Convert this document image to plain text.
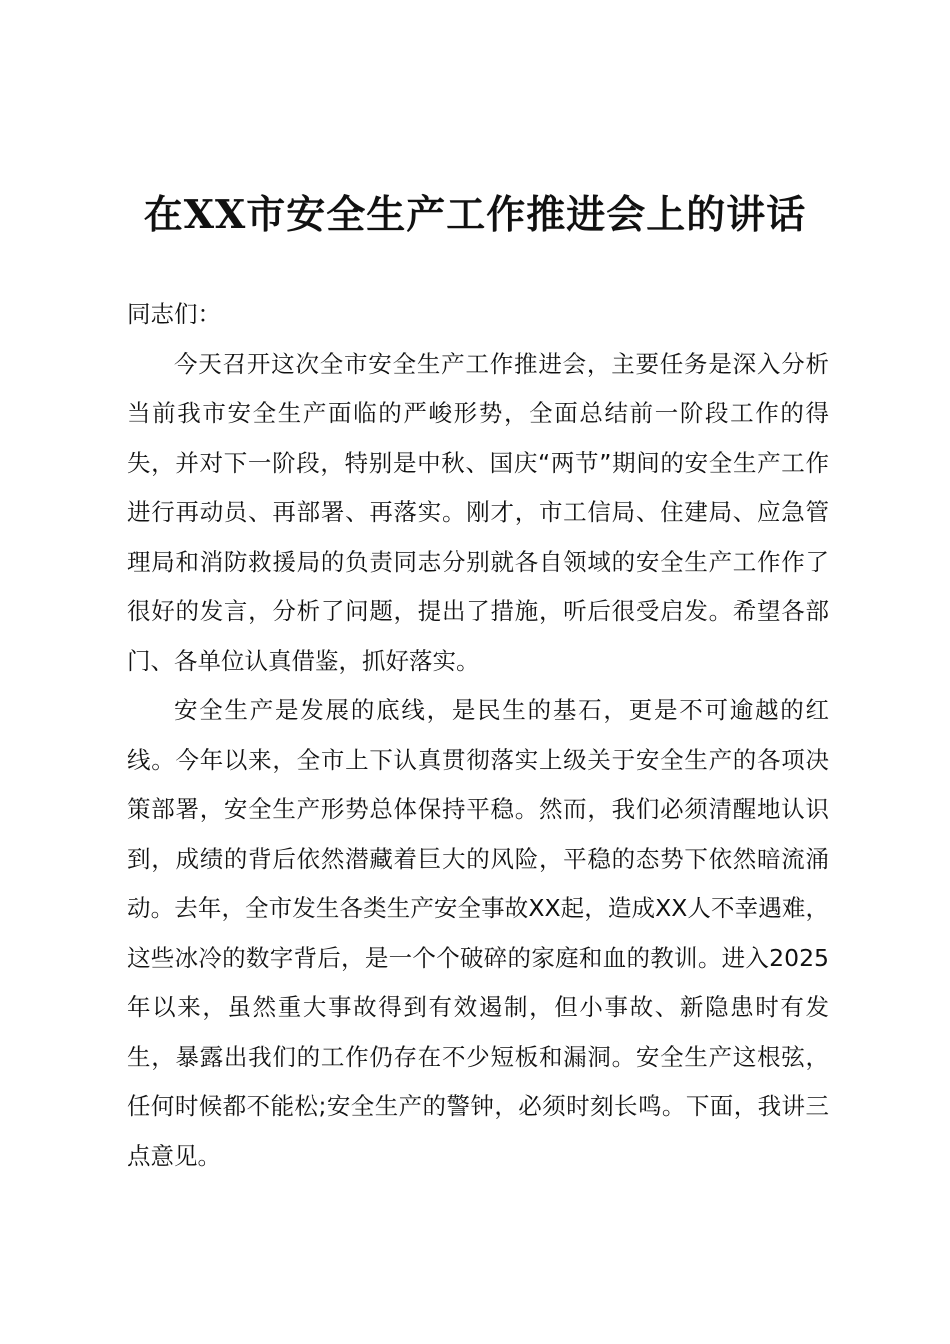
在XX市安全生产工作推进会上的讲话

同志们：

今天召开这次全市安全生产工作推进会，主要任务是深入分析当前我市安全生产面临的严峻形势，全面总结前一阶段工作的得失，并对下一阶段，特别是中秋、国庆“两节”期间的安全生产工作进行再动员、再部署、再落实。刚才，市工信局、住建局、应急管理局和消防救援局的负责同志分别就各自领域的安全生产工作作了很好的发言，分析了问题，提出了措施，听后很受启发。希望各部门、各单位认真借鉴，抓好落实。

安全生产是发展的底线，是民生的基石，更是不可逾越的红线。今年以来，全市上下认真贯彻落实上级关于安全生产的各项决策部署，安全生产形势总体保持平稳。然而，我们必须清醒地认识到，成绩的背后依然潜藏着巨大的风险，平稳的态势下依然暗流涌动。去年，全市发生各类生产安全事故XX起，造成XX人不幸遇难，这些冰冷的数字背后，是一个个破碎的家庭和血的教训。进入2025年以来，虽然重大事故得到有效遏制，但小事故、新隐患时有发生，暴露出我们的工作仍存在不少短板和漏洞。安全生产这根弦，任何时候都不能松;安全生产的警钟，必须时刻长鸣。下面，我讲三点意见。
